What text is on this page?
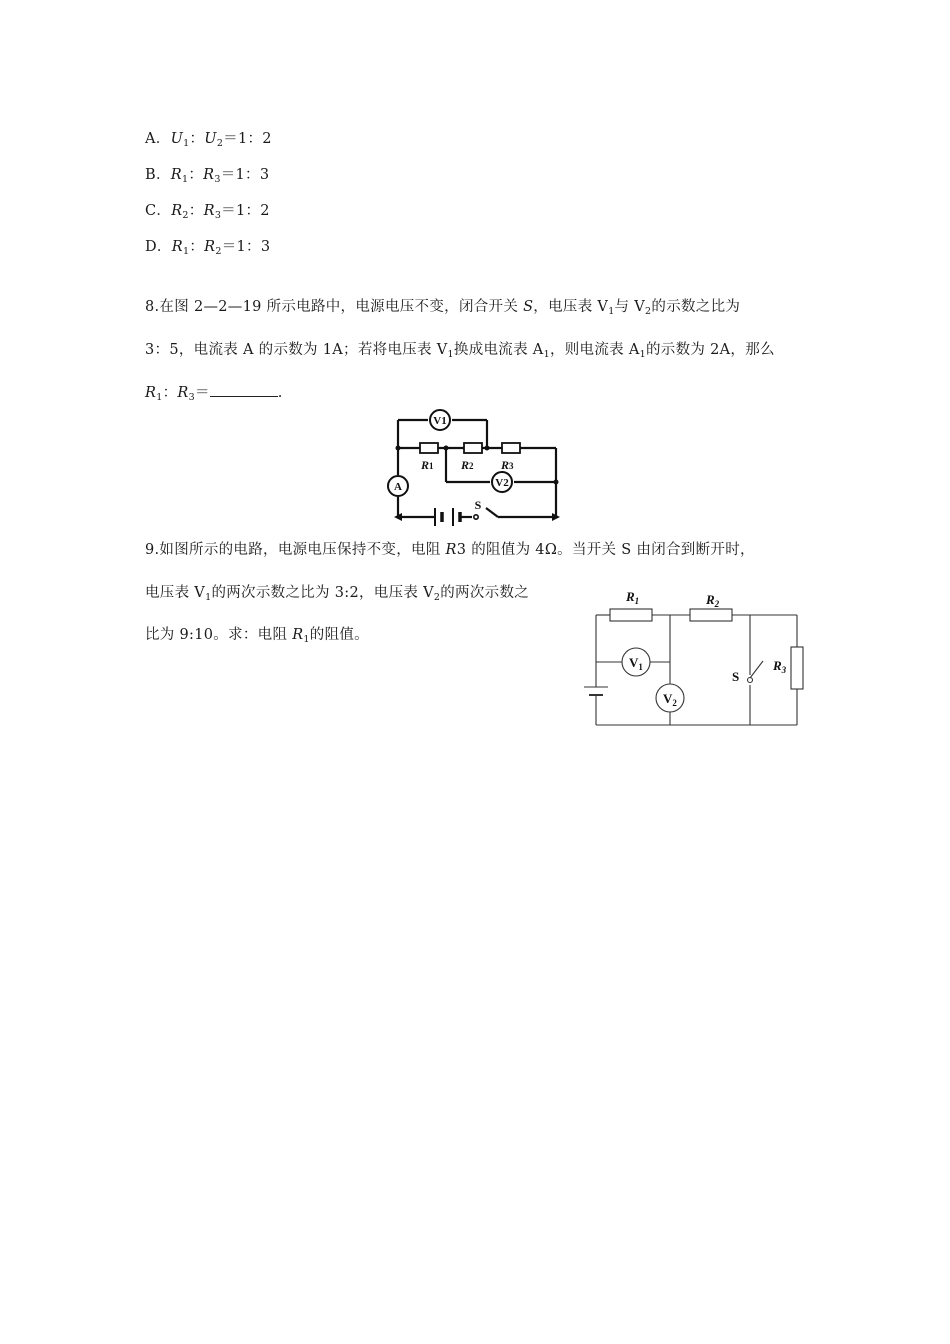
A．$U_1$：$U_2=1$：2
B．$R_1$：$R_3=1$：3
C．$R_2$：$R_3=1$：2
D．$R_1$：$R_2=1$：3
8.在图 2—2—19 所示电路中，电源电压不变，闭合开关 S，电压表 $V_1$与 $V_2$的示数之比为
3：5，电流表 A 的示数为 1A；若将电压表 $V_1$换成电流表 $A_1$，则电流表 $A_1$的示数为 2A，那么
$R_1$：$R_3=$	.
V1
V2
A
S
R1 R2 R3
9.如图所示的电路，电源电压保持不变，电阻 R3 的阻值为 4Ω。当开关 S 由闭合到断开时，
电压表 $V_1$的两次示数之比为 3:2，电压表 $V_2$的两次示数之
比为 9:10。求：电阻 $R_1$的阻值。
$R_1$	$R_2$
$R_3$
$V_1$
$V_2$
S
